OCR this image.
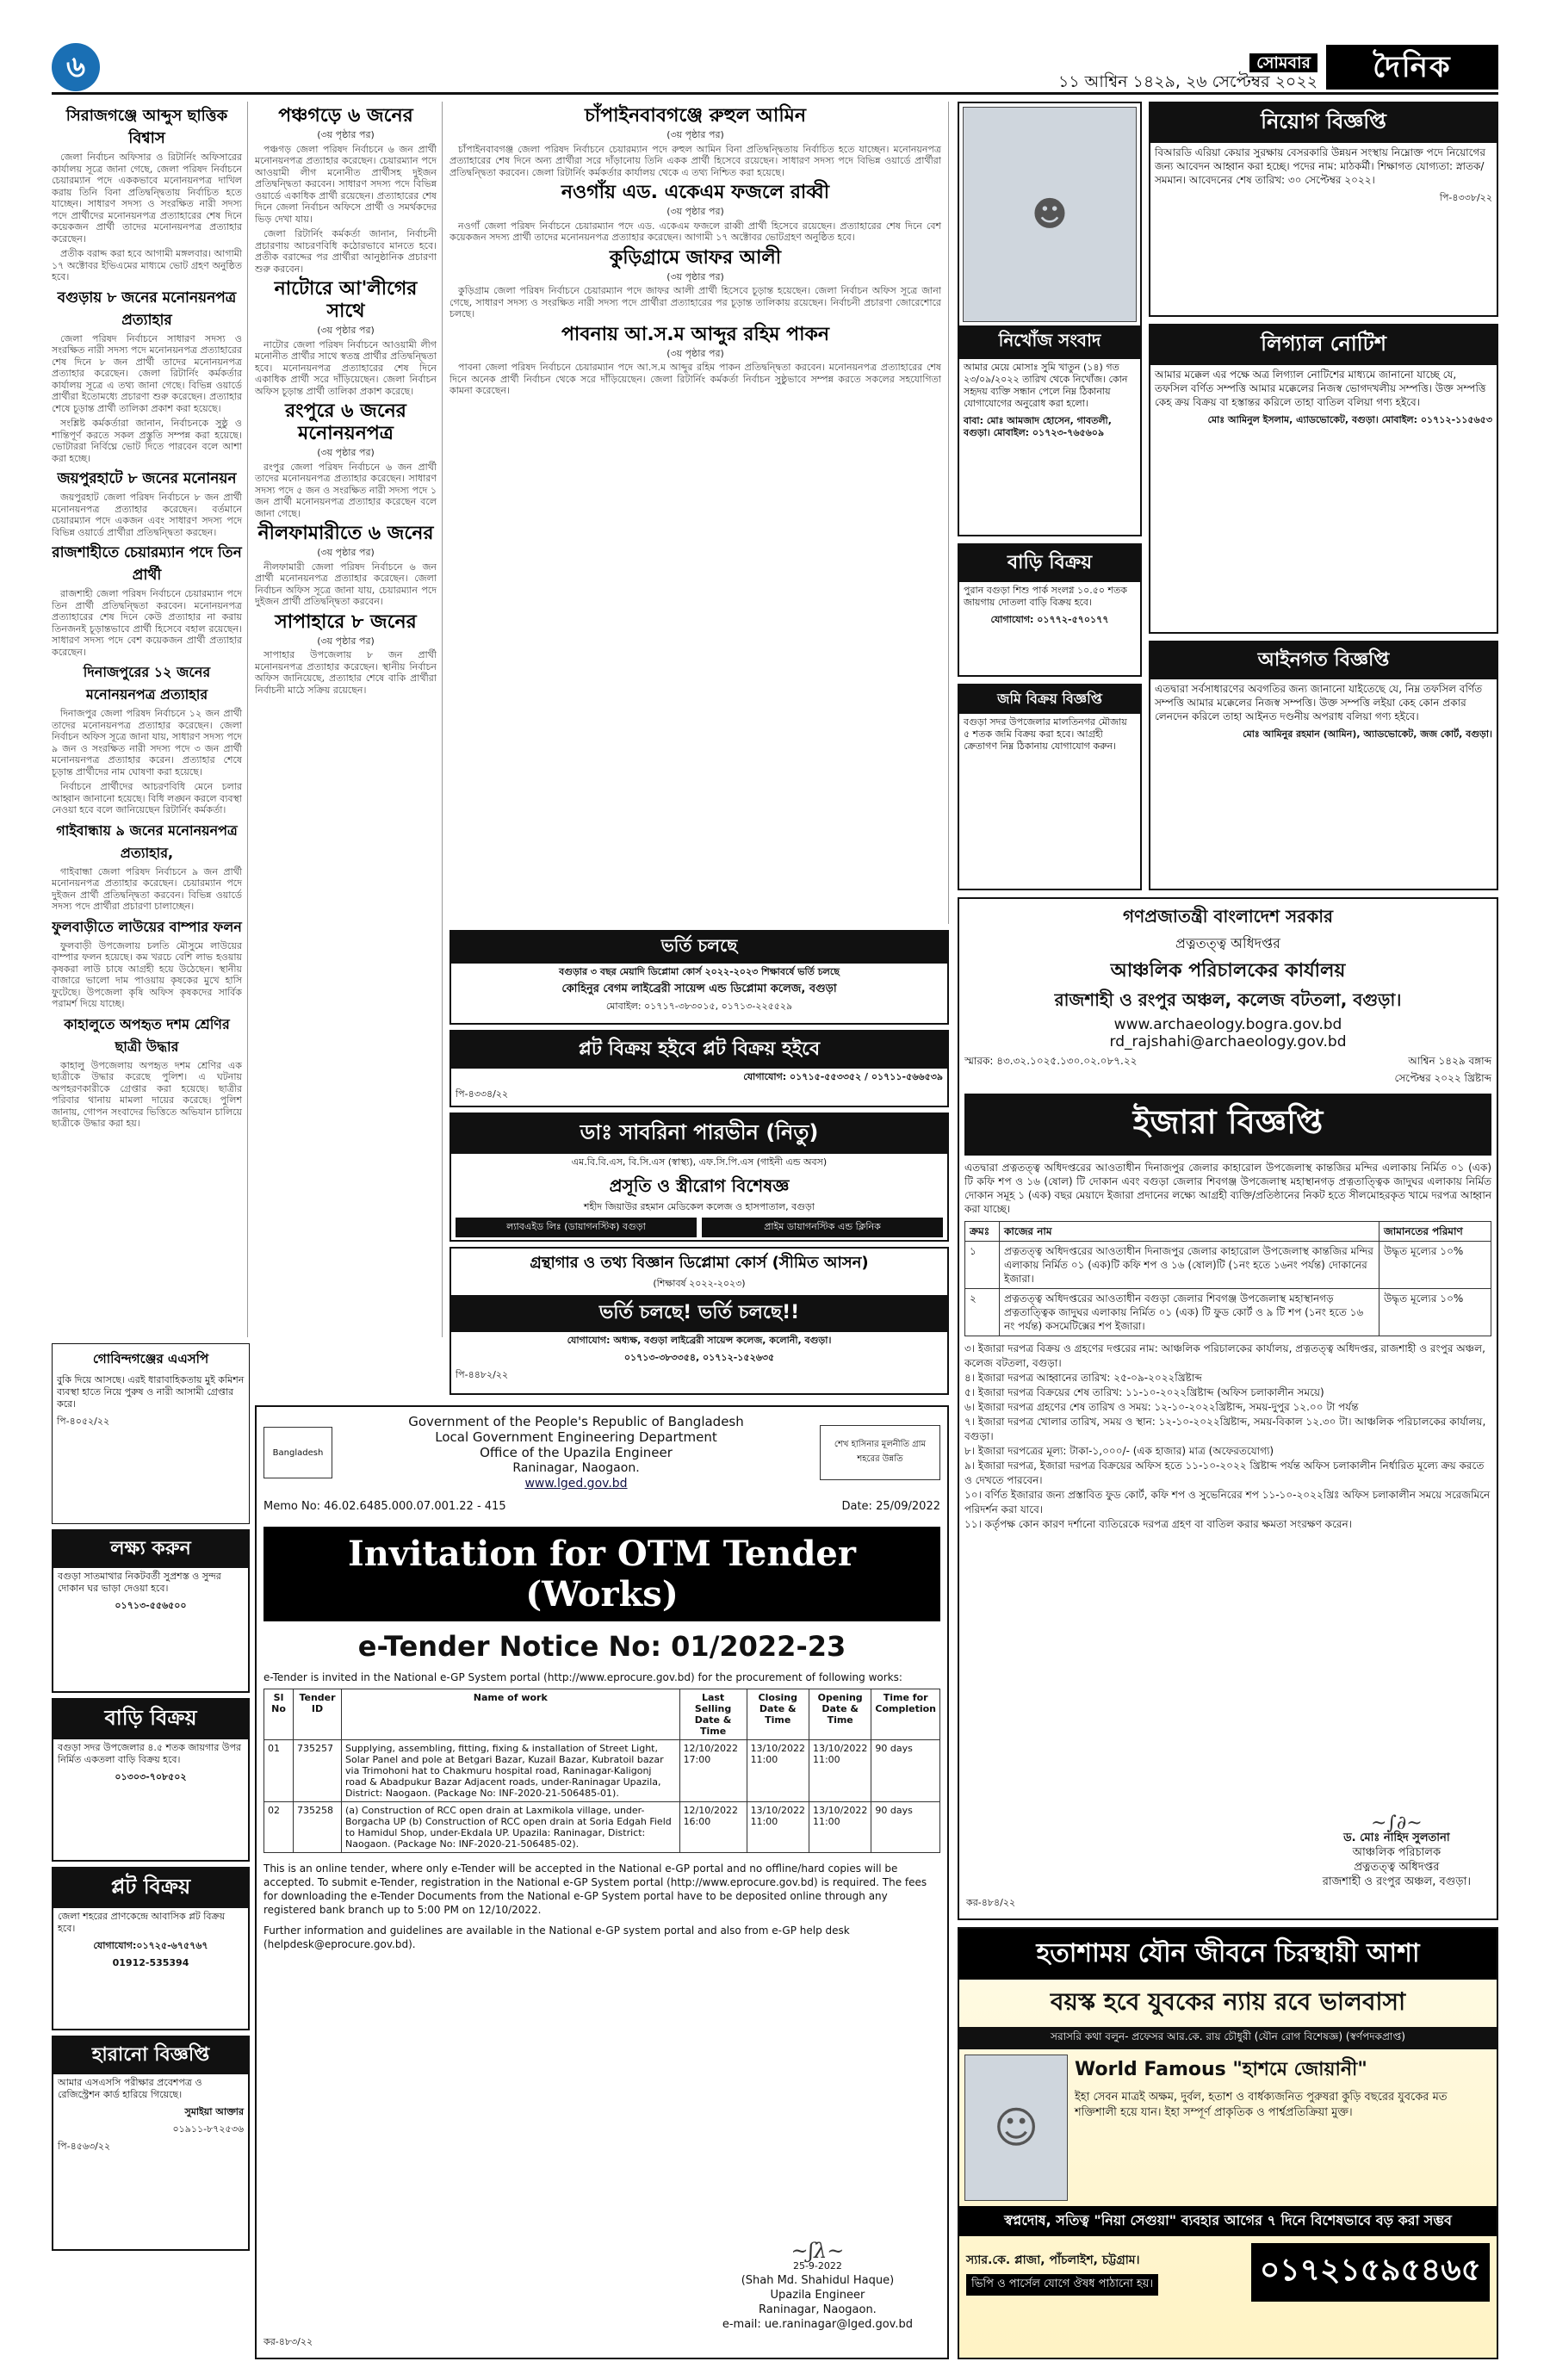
৬	সোমবার
১১ আশ্বিন ১৪২৯, ২৬ সেপ্টেম্বর ২০২২	দৈনিক
সিরাজগঞ্জে আব্দুস ছাত্তিক বিশ্বাস

জেলা নির্বাচন অফিসার ও রিটার্নিং অফিসারের কার্যালয় সূত্রে জানা গেছে, জেলা পরিষদ নির্বাচনে চেয়ারম্যান পদে এককভাবে মনোনয়নপত্র দাখিল করায় তিনি বিনা প্রতিদ্বন্দ্বিতায় নির্বাচিত হতে যাচ্ছেন। সাধারণ সদস্য ও সংরক্ষিত নারী সদস্য পদে প্রার্থীদের মনোনয়নপত্র প্রত্যাহারের শেষ দিনে কয়েকজন প্রার্থী তাদের মনোনয়নপত্র প্রত্যাহার করেছেন।

প্রতীক বরাদ্দ করা হবে আগামী মঙ্গলবার। আগামী ১৭ অক্টোবর ইভিএমের মাধ্যমে ভোট গ্রহণ অনুষ্ঠিত হবে।

বগুড়ায় ৮ জনের মনোনয়নপত্র প্রত্যাহার

জেলা পরিষদ নির্বাচনে সাধারণ সদস্য ও সংরক্ষিত নারী সদস্য পদে মনোনয়নপত্র প্রত্যাহারের শেষ দিনে ৮ জন প্রার্থী তাদের মনোনয়নপত্র প্রত্যাহার করেছেন। জেলা রিটার্নিং কর্মকর্তার কার্যালয় সূত্রে এ তথ্য জানা গেছে। বিভিন্ন ওয়ার্ডে প্রার্থীরা ইতোমধ্যে প্রচারণা শুরু করেছেন। প্রত্যাহার শেষে চূড়ান্ত প্রার্থী তালিকা প্রকাশ করা হয়েছে।

সংশ্লিষ্ট কর্মকর্তারা জানান, নির্বাচনকে সুষ্ঠু ও শান্তিপূর্ণ করতে সকল প্রস্তুতি সম্পন্ন করা হয়েছে। ভোটাররা নির্বিঘ্নে ভোট দিতে পারবেন বলে আশা করা হচ্ছে।

জয়পুরহাটে ৮ জনের মনোনয়ন

জয়পুরহাট জেলা পরিষদ নির্বাচনে ৮ জন প্রার্থী মনোনয়নপত্র প্রত্যাহার করেছেন। বর্তমানে চেয়ারম্যান পদে একজন এবং সাধারণ সদস্য পদে বিভিন্ন ওয়ার্ডে প্রার্থীরা প্রতিদ্বন্দ্বিতা করছেন।

রাজশাহীতে চেয়ারম্যান পদে তিন প্রার্থী

রাজশাহী জেলা পরিষদ নির্বাচনে চেয়ারম্যান পদে তিন প্রার্থী প্রতিদ্বন্দ্বিতা করবেন। মনোনয়নপত্র প্রত্যাহারের শেষ দিনে কেউ প্রত্যাহার না করায় তিনজনই চূড়ান্তভাবে প্রার্থী হিসেবে বহাল রয়েছেন। সাধারণ সদস্য পদে বেশ কয়েকজন প্রার্থী প্রত্যাহার করেছেন।

দিনাজপুরের ১২ জনের মনোনয়নপত্র প্রত্যাহার

দিনাজপুর জেলা পরিষদ নির্বাচনে ১২ জন প্রার্থী তাদের মনোনয়নপত্র প্রত্যাহার করেছেন। জেলা নির্বাচন অফিস সূত্রে জানা যায়, সাধারণ সদস্য পদে ৯ জন ও সংরক্ষিত নারী সদস্য পদে ৩ জন প্রার্থী মনোনয়নপত্র প্রত্যাহার করেন। প্রত্যাহার শেষে চূড়ান্ত প্রার্থীদের নাম ঘোষণা করা হয়েছে।

নির্বাচনে প্রার্থীদের আচরণবিধি মেনে চলার আহ্বান জানানো হয়েছে। বিধি লঙ্ঘন করলে ব্যবস্থা নেওয়া হবে বলে জানিয়েছেন রিটার্নিং কর্মকর্তা।

গাইবান্ধায় ৯ জনের মনোনয়নপত্র প্রত্যাহার,

গাইবান্ধা জেলা পরিষদ নির্বাচনে ৯ জন প্রার্থী মনোনয়নপত্র প্রত্যাহার করেছেন। চেয়ারম্যান পদে দুইজন প্রার্থী প্রতিদ্বন্দ্বিতা করবেন। বিভিন্ন ওয়ার্ডে সদস্য পদে প্রার্থীরা প্রচারণা চালাচ্ছেন।

ফুলবাড়ীতে লাউয়ের বাম্পার ফলন

ফুলবাড়ী উপজেলায় চলতি মৌসুমে লাউয়ের বাম্পার ফলন হয়েছে। কম খরচে বেশি লাভ হওয়ায় কৃষকরা লাউ চাষে আগ্রহী হয়ে উঠেছেন। স্থানীয় বাজারে ভালো দাম পাওয়ায় কৃষকের মুখে হাসি ফুটেছে। উপজেলা কৃষি অফিস কৃষকদের সার্বিক পরামর্শ দিয়ে যাচ্ছে।

কাহালুতে অপহৃত দশম শ্রেণির ছাত্রী উদ্ধার

কাহালু উপজেলায় অপহৃত দশম শ্রেণির এক ছাত্রীকে উদ্ধার করেছে পুলিশ। এ ঘটনায় অপহরণকারীকে গ্রেপ্তার করা হয়েছে। ছাত্রীর পরিবার থানায় মামলা দায়ের করেছে। পুলিশ জানায়, গোপন সংবাদের ভিত্তিতে অভিযান চালিয়ে ছাত্রীকে উদ্ধার করা হয়।

গোবিন্দগঞ্জের এএসপি
বুকি দিয়ে আসছে। এরই ধারাবাহিকতায় মুই কমিশন ব্যবস্থা হাতে নিয়ে পুরুষ ও নারী আসামী গ্রেপ্তার করে।
পি-৪০৫২/২২
লক্ষ্য করুন
বগুড়া সাতমাথার নিকটবর্তী সুপ্রশস্ত ও সুন্দর দোকান ঘর ভাড়া দেওয়া হবে।
০১৭১৩-৫৫৬৫০০
বাড়ি বিক্রয়
বগুড়া সদর উপজেলার ৪.৫ শতক জায়গার উপর নির্মিত একতলা বাড়ি বিক্রয় হবে।
০১৩০৩-৭০৮৫০২
প্লট বিক্রয়
জেলা শহরের প্রাণকেন্দ্রে আবাসিক প্লট বিক্রয় হবে।
যোগাযোগ:০১৭২৫-৬৭৫৭৬৭
01912-535394
হারানো বিজ্ঞপ্তি
আমার এসএসসি পরীক্ষার প্রবেশপত্র ও রেজিস্ট্রেশন কার্ড হারিয়ে গিয়েছে।
সুমাইয়া আক্তার
০১৯১১-৮৭২৫৩৬
পি-৪৫৬৩/২২
পঞ্চগড়ে ৬ জনের
(৩য় পৃষ্ঠার পর)

পঞ্চগড় জেলা পরিষদ নির্বাচনে ৬ জন প্রার্থী মনোনয়নপত্র প্রত্যাহার করেছেন। চেয়ারম্যান পদে আওয়ামী লীগ মনোনীত প্রার্থীসহ দুইজন প্রতিদ্বন্দ্বিতা করবেন। সাধারণ সদস্য পদে বিভিন্ন ওয়ার্ডে একাধিক প্রার্থী রয়েছেন। প্রত্যাহারের শেষ দিনে জেলা নির্বাচন অফিসে প্রার্থী ও সমর্থকদের ভিড় দেখা যায়।

জেলা রিটার্নিং কর্মকর্তা জানান, নির্বাচনী প্রচারণায় আচরণবিধি কঠোরভাবে মানতে হবে। প্রতীক বরাদ্দের পর প্রার্থীরা আনুষ্ঠানিক প্রচারণা শুরু করবেন।

নাটোরে আ'লীগের সাথে
(৩য় পৃষ্ঠার পর)

নাটোর জেলা পরিষদ নির্বাচনে আওয়ামী লীগ মনোনীত প্রার্থীর সাথে স্বতন্ত্র প্রার্থীর প্রতিদ্বন্দ্বিতা হবে। মনোনয়নপত্র প্রত্যাহারের শেষ দিনে একাধিক প্রার্থী সরে দাঁড়িয়েছেন। জেলা নির্বাচন অফিস চূড়ান্ত প্রার্থী তালিকা প্রকাশ করেছে।

রংপুরে ৬ জনের মনোনয়নপত্র
(৩য় পৃষ্ঠার পর)

রংপুর জেলা পরিষদ নির্বাচনে ৬ জন প্রার্থী তাদের মনোনয়নপত্র প্রত্যাহার করেছেন। সাধারণ সদস্য পদে ৫ জন ও সংরক্ষিত নারী সদস্য পদে ১ জন প্রার্থী মনোনয়নপত্র প্রত্যাহার করেছেন বলে জানা গেছে।

নীলফামারীতে ৬ জনের
(৩য় পৃষ্ঠার পর)

নীলফামারী জেলা পরিষদ নির্বাচনে ৬ জন প্রার্থী মনোনয়নপত্র প্রত্যাহার করেছেন। জেলা নির্বাচন অফিস সূত্রে জানা যায়, চেয়ারম্যান পদে দুইজন প্রার্থী প্রতিদ্বন্দ্বিতা করবেন।

সাপাহারে ৮ জনের
(৩য় পৃষ্ঠার পর)

সাপাহার উপজেলায় ৮ জন প্রার্থী মনোনয়নপত্র প্রত্যাহার করেছেন। স্থানীয় নির্বাচন অফিস জানিয়েছে, প্রত্যাহার শেষে বাকি প্রার্থীরা নির্বাচনী মাঠে সক্রিয় রয়েছেন।

চাঁপাইনবাবগঞ্জে রুহুল আমিন
(৩য় পৃষ্ঠার পর)

চাঁপাইনবাবগঞ্জ জেলা পরিষদ নির্বাচনে চেয়ারম্যান পদে রুহুল আমিন বিনা প্রতিদ্বন্দ্বিতায় নির্বাচিত হতে যাচ্ছেন। মনোনয়নপত্র প্রত্যাহারের শেষ দিনে অন্য প্রার্থীরা সরে দাঁড়ানোয় তিনি একক প্রার্থী হিসেবে রয়েছেন। সাধারণ সদস্য পদে বিভিন্ন ওয়ার্ডে প্রার্থীরা প্রতিদ্বন্দ্বিতা করবেন। জেলা রিটার্নিং কর্মকর্তার কার্যালয় থেকে এ তথ্য নিশ্চিত করা হয়েছে।

নওগাঁয় এড. একেএম ফজলে রাব্বী
(৩য় পৃষ্ঠার পর)

নওগাঁ জেলা পরিষদ নির্বাচনে চেয়ারম্যান পদে এড. একেএম ফজলে রাব্বী প্রার্থী হিসেবে রয়েছেন। প্রত্যাহারের শেষ দিনে বেশ কয়েকজন সদস্য প্রার্থী তাদের মনোনয়নপত্র প্রত্যাহার করেছেন। আগামী ১৭ অক্টোবর ভোটগ্রহণ অনুষ্ঠিত হবে।

কুড়িগ্রামে জাফর আলী
(৩য় পৃষ্ঠার পর)

কুড়িগ্রাম জেলা পরিষদ নির্বাচনে চেয়ারম্যান পদে জাফর আলী প্রার্থী হিসেবে চূড়ান্ত হয়েছেন। জেলা নির্বাচন অফিস সূত্রে জানা গেছে, সাধারণ সদস্য ও সংরক্ষিত নারী সদস্য পদে প্রার্থীরা প্রত্যাহারের পর চূড়ান্ত তালিকায় রয়েছেন। নির্বাচনী প্রচারণা জোরেশোরে চলছে।

পাবনায় আ.স.ম আব্দুর রহিম পাকন
(৩য় পৃষ্ঠার পর)

পাবনা জেলা পরিষদ নির্বাচনে চেয়ারম্যান পদে আ.স.ম আব্দুর রহিম পাকন প্রতিদ্বন্দ্বিতা করবেন। মনোনয়নপত্র প্রত্যাহারের শেষ দিনে অনেক প্রার্থী নির্বাচন থেকে সরে দাঁড়িয়েছেন। জেলা রিটার্নিং কর্মকর্তা নির্বাচন সুষ্ঠুভাবে সম্পন্ন করতে সকলের সহযোগিতা কামনা করেছেন।

ভর্তি চলছে
বগুড়ার ৩ বছর মেয়াদি ডিপ্লোমা কোর্স ২০২২-২০২৩ শিক্ষাবর্ষে ভর্তি চলছে
কোহিনুর বেগম লাইব্রেরী সায়েন্স এন্ড ডিপ্লোমা কলেজ, বগুড়া
মোবাইল: ০১৭১৭-৩৮৩০১৫, ০১৭১৩-২২৫৫২৯
প্লট বিক্রয় হইবে প্লট বিক্রয় হইবে
যোগাযোগ: ০১৭১৫-৫৫৩৩৫২ / ০১৭১১-৫৬৬৫৩৯
পি-৪৩৩৪/২২
ডাঃ সাবরিনা পারভীন (নিতু)
এম.বি.বি.এস, বি.সি.এস (স্বাস্থ্য), এফ.সি.পি.এস (গাইনী এন্ড অবস)
প্রসূতি ও স্ত্রীরোগ বিশেষজ্ঞ
শহীদ জিয়াউর রহমান মেডিকেল কলেজ ও হাসপাতাল, বগুড়া
ল্যাবএইড লিঃ (ডায়াগনস্টিক) বগুড়া	প্রাইম ডায়াগনস্টিক এন্ড ক্লিনিক
গ্রন্থাগার ও তথ্য বিজ্ঞান ডিপ্লোমা কোর্স (সীমিত আসন)
(শিক্ষাবর্ষ ২০২২-২০২৩)
ভর্তি চলছে! ভর্তি চলছে!!
যোগাযোগ: অধ্যক্ষ, বগুড়া লাইব্রেরী সায়েন্স কলেজ, কলোনী, বগুড়া।
০১৭১৩-৩৮৩৩৫৪, ০১৭১২-১৫২৬৩৫
পি-৪৪৮২/২২
☻
নিখোঁজ সংবাদ
আমার মেয়ে মোসাঃ সুমি খাতুন (১৪) গত ২৩/০৯/২০২২ তারিখ থেকে নিখোঁজ। কোন সহৃদয় ব্যক্তি সন্ধান পেলে নিম্ন ঠিকানায় যোগাযোগের অনুরোধ করা হলো।
বাবা: মোঃ আমজাদ হোসেন, গাবতলী, বগুড়া। মোবাইল: ০১৭২৩-৭৬৫৬০৯
নিয়োগ বিজ্ঞপ্তি
বিআরডি এরিয়া কেয়ার সুরক্ষায় বেসরকারি উন্নয়ন সংস্থায় নিম্নোক্ত পদে নিয়োগের জন্য আবেদন আহ্বান করা হচ্ছে। পদের নাম: মাঠকর্মী। শিক্ষাগত যোগ্যতা: স্নাতক/সমমান। আবেদনের শেষ তারিখ: ৩০ সেপ্টেম্বর ২০২২।
পি-৪৩৩৮/২২
লিগ্যাল নোটিশ
আমার মক্কেল এর পক্ষে অত্র লিগ্যাল নোটিশের মাধ্যমে জানানো যাচ্ছে যে, তফসিল বর্ণিত সম্পত্তি আমার মক্কেলের নিজস্ব ভোগদখলীয় সম্পত্তি। উক্ত সম্পত্তি কেহ ক্রয় বিক্রয় বা হস্তান্তর করিলে তাহা বাতিল বলিয়া গণ্য হইবে।
মোঃ আমিনুল ইসলাম, এ্যাডভোকেট, বগুড়া। মোবাইল: ০১৭১২-১১৫৬৫৩
বাড়ি বিক্রয়
পুরান বগুড়া শিশু পার্ক সংলগ্ন ১০.৫০ শতক জায়গায় দোতলা বাড়ি বিক্রয় হবে।
যোগাযোগ: ০১৭৭২-৫৭০১৭৭
জমি বিক্রয় বিজ্ঞপ্তি
বগুড়া সদর উপজেলার মালতিনগর মৌজায় ৫ শতক জমি বিক্রয় করা হবে। আগ্রহী ক্রেতাগণ নিম্ন ঠিকানায় যোগাযোগ করুন।
আইনগত বিজ্ঞপ্তি
এতদ্বারা সর্বসাধারণের অবগতির জন্য জানানো যাইতেছে যে, নিম্ন তফসিল বর্ণিত সম্পত্তি আমার মক্কেলের নিজস্ব সম্পত্তি। উক্ত সম্পত্তি লইয়া কেহ কোন প্রকার লেনদেন করিলে তাহা আইনত দণ্ডনীয় অপরাধ বলিয়া গণ্য হইবে।
মোঃ আমিনুর রহমান (আমিন), অ্যাডভোকেট, জজ কোর্ট, বগুড়া।
গণপ্রজাতন্ত্রী বাংলাদেশ সরকার
প্রত্নতত্ত্ব অধিদপ্তর
আঞ্চলিক পরিচালকের কার্যালয়
রাজশাহী ও রংপুর অঞ্চল, কলেজ বটতলা, বগুড়া।
www.archaeology.bogra.gov.bd
rd_rajshahi@archaeology.gov.bd
স্মারক: ৪৩.৩২.১০২৫.১৩০.০২.০৮৭.২২	আশ্বিন ১৪২৯ বঙ্গাব্দ
সেপ্টেম্বর ২০২২ খ্রিষ্টাব্দ
ইজারা বিজ্ঞপ্তি
এতদ্বারা প্রত্নতত্ত্ব অধিদপ্তরের আওতাধীন দিনাজপুর জেলার কাহারোল উপজেলাস্থ কান্তজির মন্দির এলাকায় নির্মিত ০১ (এক) টি কফি শপ ও ১৬ (ষোল) টি দোকান এবং বগুড়া জেলার শিবগঞ্জ উপজেলাস্থ মহাস্থানগড় প্রত্নতাত্ত্বিক জাদুঘর এলাকায় নির্মিত দোকান সমূহ ১ (এক) বছর মেয়াদে ইজারা প্রদানের লক্ষ্যে আগ্রহী ব্যক্তি/প্রতিষ্ঠানের নিকট হতে সীলমোহরকৃত খামে দরপত্র আহ্বান করা যাচ্ছে।
ক্রমঃ	কাজের নাম	জামানতের পরিমাণ
১	প্রত্নতত্ত্ব অধিদপ্তরের আওতাধীন দিনাজপুর জেলার কাহারোল উপজেলাস্থ কান্তজির মন্দির এলাকায় নির্মিত ০১ (এক)টি কফি শপ ও ১৬ (ষোল)টি (১নং হতে ১৬নং পর্যন্ত) দোকানের ইজারা।	উদ্ধৃত মূল্যের ১০%
২	প্রত্নতত্ত্ব অধিদপ্তরের আওতাধীন বগুড়া জেলার শিবগঞ্জ উপজেলাস্থ মহাস্থানগড় প্রত্নতাত্ত্বিক জাদুঘর এলাকায় নির্মিত ০১ (এক) টি ফুড কোর্ট ও ৯ টি শপ (১নং হতে ১৬ নং পর্যন্ত) কসমেটিক্সের শপ ইজারা।	উদ্ধৃত মূল্যের ১০%
৩। ইজারা দরপত্র বিক্রয় ও গ্রহণের দপ্তরের নাম: আঞ্চলিক পরিচালকের কার্যালয়, প্রত্নতত্ত্ব অধিদপ্তর, রাজশাহী ও রংপুর অঞ্চল, কলেজ বটতলা, বগুড়া।
৪। ইজারা দরপত্র আহ্বানের তারিখ: ২৫-০৯-২০২২খ্রিষ্টাব্দ
৫। ইজারা দরপত্র বিক্রয়ের শেষ তারিখ: ১১-১০-২০২২খ্রিষ্টাব্দ (অফিস চলাকালীন সময়ে)
৬। ইজারা দরপত্র গ্রহণের শেষ তারিখ ও সময়: ১২-১০-২০২২খ্রিষ্টাব্দ, সময়-দুপুর ১২.০০ টা পর্যন্ত
৭। ইজারা দরপত্র খোলার তারিখ, সময় ও স্থান: ১২-১০-২০২২খ্রিষ্টাব্দ, সময়-বিকাল ১২.৩০ টা। আঞ্চলিক পরিচালকের কার্যালয়, বগুড়া।
৮। ইজারা দরপত্রের মূল্য: টাকা-১,০০০/- (এক হাজার) মাত্র (অফেরতযোগ্য)
৯। ইজারা দরপত্র, ইজারা দরপত্র বিক্রয়ের অফিস হতে ১১-১০-২০২২ খ্রিষ্টাব্দ পর্যন্ত অফিস চলাকালীন নির্ধারিত মূল্যে ক্রয় করতে ও দেখতে পারবেন।
১০। বর্ণিত ইজারার জন্য প্রস্তাবিত ফুড কোর্ট, কফি শপ ও সুভেনিরের শপ ১১-১০-২০২২খ্রিঃ অফিস চলাকালীন সময়ে সরেজমিনে পরিদর্শন করা যাবে।
১১। কর্তৃপক্ষ কোন কারণ দর্শানো ব্যতিরেকে দরপত্র গ্রহণ বা বাতিল করার ক্ষমতা সংরক্ষণ করেন।
~∫∂~
ড. মোঃ নাহিদ সুলতানা
আঞ্চলিক পরিচালক
প্রত্নতত্ত্ব অধিদপ্তর
রাজশাহী ও রংপুর অঞ্চল, বগুড়া।
কর-৪৮৪/২২
Bangladesh
Government of the People's Republic of Bangladesh
Local Government Engineering Department
Office of the Upazila Engineer
Raninagar, Naogaon.
www.lged.gov.bd
শেখ হাসিনার মূলনীতি গ্রাম শহরের উন্নতি
Memo No: 46.02.6485.000.07.001.22 - 415	Date: 25/09/2022
Invitation for OTM Tender (Works)
e-Tender Notice No: 01/2022-23
e-Tender is invited in the National e-GP System portal (http://www.eprocure.gov.bd) for the procurement of following works:
Sl No	Tender ID	Name of work	Last Selling Date & Time	Closing Date & Time	Opening Date & Time	Time for Completion
01	735257	Supplying, assembling, fitting, fixing & installation of Street Light, Solar Panel and pole at Betgari Bazar, Kuzail Bazar, Kubratoil bazar via Trimohoni hat to Chakmuru hospital road, Raninagar-Kaligonj road & Abadpukur Bazar Adjacent roads, under-Raninagar Upazila, District: Naogaon. (Package No: INF-2020-21-506485-01).	12/10/2022 17:00	13/10/2022 11:00	13/10/2022 11:00	90 days
02	735258	(a) Construction of RCC open drain at Laxmikola village, under-Borgacha UP (b) Construction of RCC open drain at Soria Edgah Field to Hamidul Shop, under-Ekdala UP. Upazila: Raninagar, District: Naogaon. (Package No: INF-2020-21-506485-02).	12/10/2022 16:00	13/10/2022 11:00	13/10/2022 11:00	90 days
This is an online tender, where only e-Tender will be accepted in the National e-GP portal and no offline/hard copies will be accepted. To submit e-Tender, registration in the National e-GP System portal (http://www.eprocure.gov.bd) is required. The fees for downloading the e-Tender Documents from the National e-GP System portal have to be deposited online through any registered bank branch up to 5:00 PM on 12/10/2022.
Further information and guidelines are available in the National e-GP system portal and also from e-GP help desk (helpdesk@eprocure.gov.bd).
~ʃλ~
25-9-2022
(Shah Md. Shahidul Haque)
Upazila Engineer
Raninagar, Naogaon.
e-mail: ue.raninagar@lged.gov.bd
কর-৪৮৩/২২
হতাশাময় যৌন জীবনে চিরস্থায়ী আশা
বয়স্ক হবে যুবকের ন্যায় রবে ভালবাসা
সরাসরি কথা বলুন- প্রফেসর আর.কে. রায় চৌধুরী (যৌন রোগ বিশেষজ্ঞ) (স্বর্ণপদকপ্রাপ্ত)
☺
World Famous "হাশমে জোয়ানী"
ইহা সেবন মাত্রই অক্ষম, দুর্বল, হতাশ ও বার্ধক্যজনিত পুরুষরা কুড়ি বছরের যুবকের মত শক্তিশালী হয়ে যান। ইহা সম্পূর্ণ প্রাকৃতিক ও পার্শ্বপ্রতিক্রিয়া মুক্ত।
স্বপ্নদোষ, সতিত্ব "নিয়া সেগুয়া" ব্যবহার আগের ৭ দিনে বিশেষভাবে বড় করা সম্ভব
স্যার.কে. প্লাজা, পাঁচলাইশ, চট্টগ্রাম।
ভিপি ও পার্সেল যোগে ঔষধ পাঠানো হয়।	০১৭২১৫৯৫৪৬৫
